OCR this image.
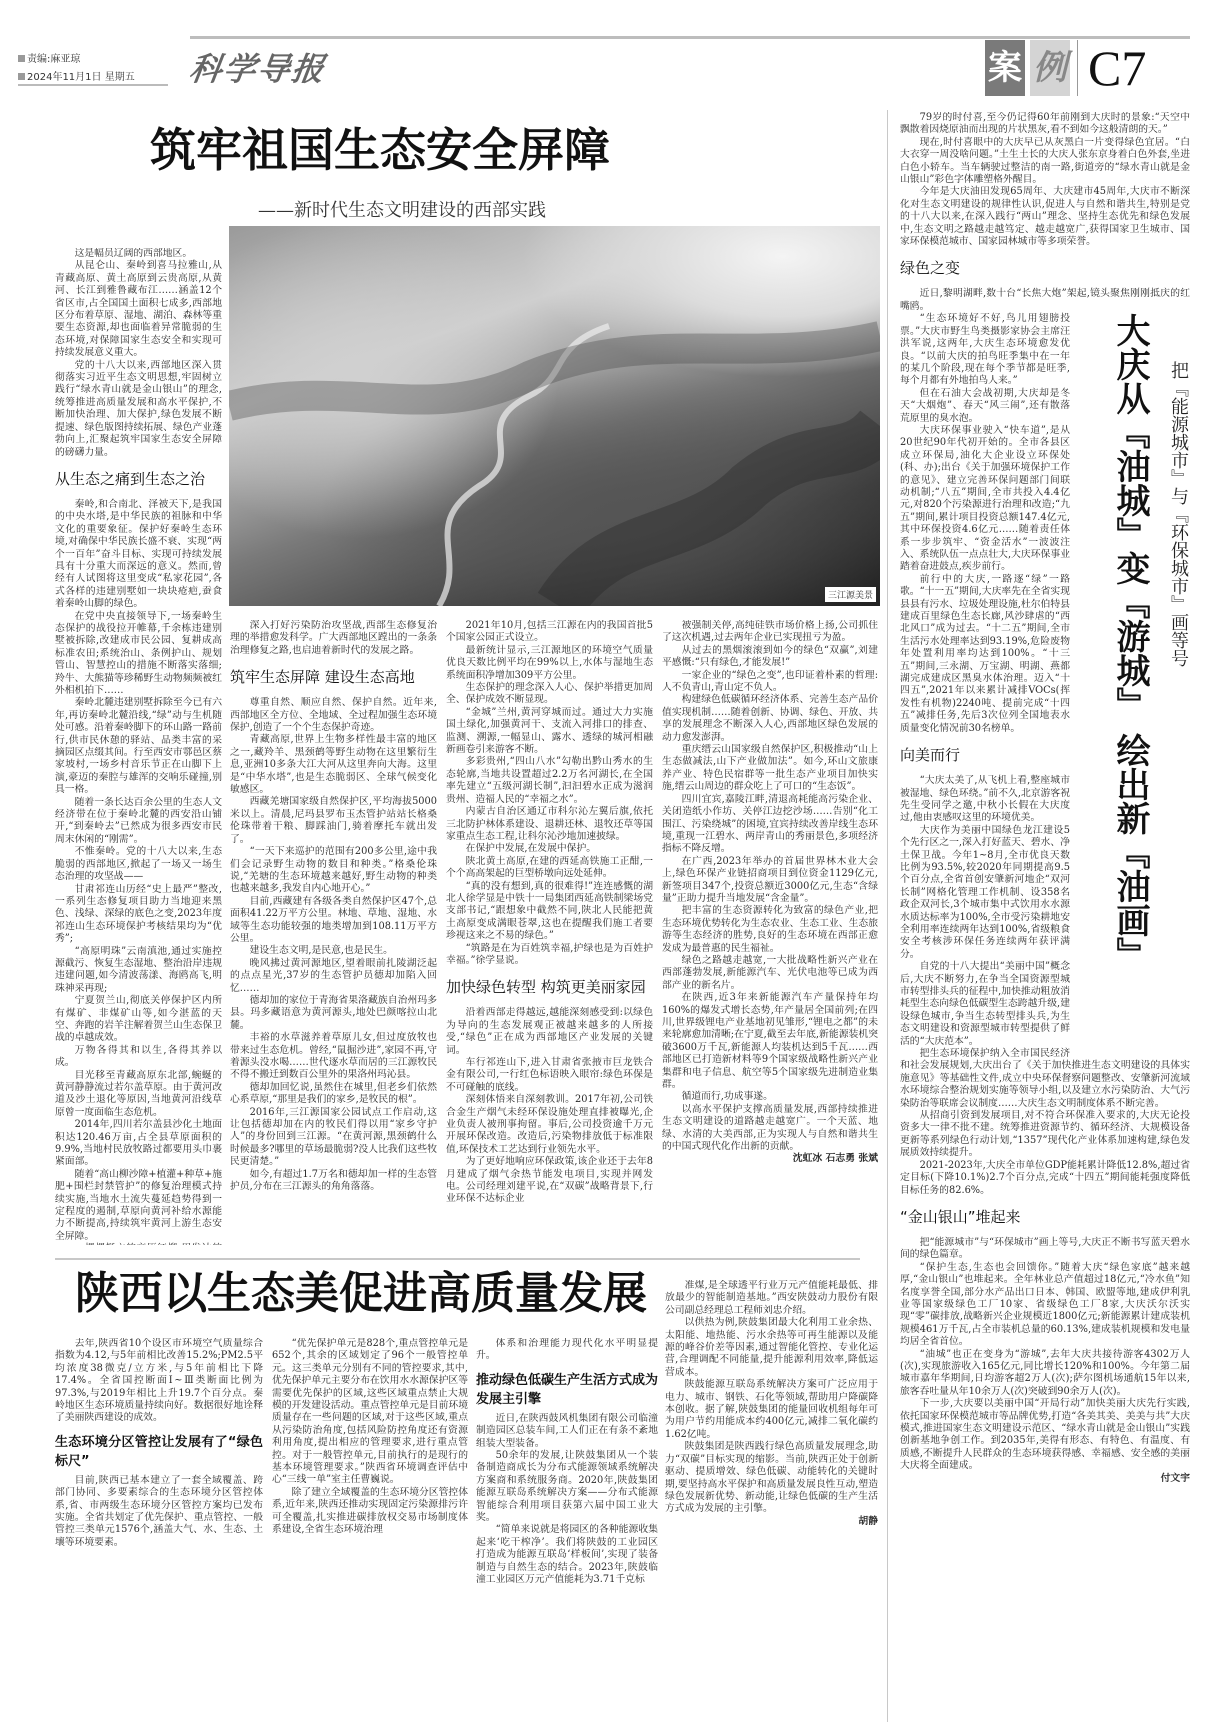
责编:麻亚琼
2024年11月1日 星期五 科学导报	案 例 C7
筑牢祖国生态安全屏障
——新时代生态文明建设的西部实践
三江源美景

这是幅员辽阔的西部地区。

从昆仑山、秦岭到喜马拉雅山,从青藏高原、黄土高原到云贵高原,从黄河、长江到雅鲁藏布江……涵盖12个省区市,占全国国土面积七成多,西部地区分布着草原、湿地、湖泊、森林等重要生态资源,却也面临着异常脆弱的生态环境,对保障国家生态安全和实现可持续发展意义重大。

党的十八大以来,西部地区深入贯彻落实习近平生态文明思想,牢固树立践行“绿水青山就是金山银山”的理念,统筹推进高质量发展和高水平保护,不断加快治理、加大保护,绿色发展不断提速、绿色版图持续拓展、绿色产业蓬勃向上,汇聚起筑牢国家生态安全屏障的磅礴力量。

从生态之痛到生态之治

秦岭,和合南北、泽被天下,是我国的中央水塔,是中华民族的祖脉和中华文化的重要象征。保护好秦岭生态环境,对确保中华民族长盛不衰、实现“两个一百年”奋斗目标、实现可持续发展具有十分重大而深远的意义。然而,曾经有人试图将这里变成“私家花园”,各式各样的违建别墅如一块块疮疤,蚕食着秦岭山脚的绿色。

在党中央直接领导下,一场秦岭生态保护的战役拉开帷幕,千余栋违建别墅被拆除,改建成市民公园、复耕成高标准农田;系统治山、条例护山、规划管山、智慧控山的措施不断落实落细;羚牛、大熊猫等珍稀野生动物频频被红外相机拍下……

秦岭北麓违建别墅拆除至今已有六年,再访秦岭北麓沿线,“绿”动与生机随处可感。沿着秦岭脚下的环山路一路前行,供市民休憩的驿站、品类丰富的采摘园区点缀其间。行至西安市鄠邑区蔡家坡村,一场乡村音乐节正在山脚下上演,豪迈的秦腔与雄浑的交响乐碰撞,别具一格。

随着一条长达百余公里的生态人文经济带在位于秦岭北麓的西安沿山铺开,“到秦岭去”已然成为很多西安市民周末休闲的“刚需”。

不惟秦岭。党的十八大以来,生态脆弱的西部地区,掀起了一场又一场生态治理的攻坚战——

甘肃祁连山历经“史上最严”整改,一系列生态修复项目助力当地迎来黑色、浅绿、深绿的底色之变,2023年度祁连山生态环境保护考核结果均为“优秀”;

“高原明珠”云南滇池,通过实施控源截污、恢复生态湿地、整治沿岸违规违建问题,如今清波荡漾、海鸥高飞,明珠神采再现;

宁夏贺兰山,彻底关停保护区内所有煤矿、非煤矿山等,如今湛蓝的天空、奔跑的岩羊注解着贺兰山生态保卫战的卓越成效。

万物各得其和以生,各得其养以成。

目光移至青藏高原东北部,蜿蜒的黄河静静流过若尔盖草原。由于黄河改道及沙土退化等原因,当地黄河沿线草原曾一度面临生态危机。

2014年,四川若尔盖县沙化土地面积达120.46万亩,占全县草原面积的9.9%,当地村民放牧路过都要用头巾裹紧面部。

随着“高山柳沙障+植灌+种草+施肥+围栏封禁管护”的修复治理模式持续实施,当地水土流失蔓延趋势得到一定程度的遏制,草原向黄河补给水源能力不断提高,持续筑牢黄河上游生态安全屏障。

深入打好污染防治攻坚战,西部生态修复治理的举措愈发科学。广大西部地区蹚出的一条条治理修复之路,也启迪着新时代的发展之路。

筑牢生态屏障 建设生态高地

尊重自然、顺应自然、保护自然。近年来,西部地区全方位、全地域、全过程加强生态环境保护,创造了一个个生态保护奇迹。

青藏高原,世界上生物多样性最丰富的地区之一,藏羚羊、黑颈鹤等野生动物在这里繁衍生息,亚洲10多条大江大河从这里奔向大海。这里是“中华水塔”,也是生态脆弱区、全球气候变化敏感区。

西藏羌塘国家级自然保护区,平均海拔5000米以上。清晨,尼玛县罗布玉杰管护站站长格桑伦珠带着干粮、脚踩油门,骑着摩托车就出发了。

“一天下来巡护的范围有200多公里,途中我们会记录野生动物的数目和种类。”格桑伦珠说,“羌塘的生态环境越来越好,野生动物的种类也越来越多,我发自内心地开心。”

目前,西藏建有各级各类自然保护区47个,总面积41.22万平方公里。林地、草地、湿地、水域等生态功能较强的地类增加到108.11万平方公里。

建设生态文明,是民意,也是民生。

晚风拂过黄河源地区,望着眼前扎陵湖泛起的点点星光,37岁的生态管护员德却加陷入回忆……

德却加的家位于青海省果洛藏族自治州玛多县。玛多藏语意为黄河源头,地处巴颜喀拉山北麓。

丰裕的水草滋养着草原儿女,但过度放牧也带来过生态危机。曾经,“鼠掘沙进”,家园不再,守着源头没水喝……世代逐水草而居的三江源牧民不得不搬迁到数百公里外的果洛州玛沁县。

德却加回忆说,虽然住在城里,但老乡们依然心系草原,“那里是我们的家乡,是牧民的根”。

2016年,三江源国家公园试点工作启动,这让包括德却加在内的牧民们得以用“家乡守护人”的身份回到三江源。“在黄河源,黑颈鹤什么时候最多?哪里的草场最脆弱?没人比我们这些牧民更清楚。”

如今,有超过1.7万名和德却加一样的生态管护员,分布在三江源头的角角落落。

2021年10月,包括三江源在内的我国首批5个国家公园正式设立。

最新统计显示,三江源地区的环境空气质量优良天数比例平均在99%以上,水体与湿地生态系统面积净增加309平方公里。

生态保护的理念深入人心、保护举措更加周全、保护成效不断显现。

“金城”兰州,黄河穿城而过。通过大力实施国土绿化,加强黄河干、支流入河排口的排查、监测、溯源,一幅显山、露水、透绿的城河相融新画卷引来游客不断。

多彩贵州,“四山八水”勾勒出黔山秀水的生态轮廓,当地共设置超过2.2万名河湖长,在全国率先建立“五级河湖长制”,汩汩碧水正成为滋润贵州、造福人民的“幸福之水”。

内蒙古自治区通辽市科尔沁左翼后旗,依托三北防护林体系建设、退耕还林、退牧还草等国家重点生态工程,让科尔沁沙地加速披绿。

在保护中发展,在发展中保护。

陕北黄土高原,在建的西延高铁施工正酣,一个个高高架起的巨型桥墩向远处延伸。

“真的没有想到,真的很难得!”连连感慨的湖北人徐学显是中铁十一局集团西延高铁制梁场党支部书记,“跟想象中截然不同,陕北人民能把黄土高原变成满眼苍翠,这也在提醒我们施工者要珍视这来之不易的绿色。”

“筑路是在为百姓筑幸福,护绿也是为百姓护幸福。”徐学显说。

加快绿色转型 构筑更美丽家园

沿着西部走得越远,越能深刻感受到:以绿色为导向的生态发展观正被越来越多的人所接受,“绿色”正在成为西部地区产业发展的关键词。

车行祁连山下,进入甘肃省张掖市巨龙铁合金有限公司,一行红色标语映入眼帘:绿色环保是不可碰触的底线。

深刻体悟来自深刻教训。2017年初,公司铁合金生产烟气未经环保设施处理直排被曝光,企业负责人被刑事拘留。事后,公司投资逾千万元开展环保改造。改造后,污染物排放低于标准限值,环保技术工艺达到行业领先水平。

为了更好地响应环保政策,该企业还于去年8月建成了烟气余热节能发电项目,实现并网发电。公司经理刘建平说,在“双碳”战略背景下,行业环保不达标企业

被强制关停,高纯硅铁市场价格上扬,公司抓住了这次机遇,过去两年企业已实现扭亏为盈。

从过去的黑烟滚滚到如今的绿色“双赢”,刘建平感慨:“只有绿色,才能发展!”

一家企业的“绿色之变”,也印证着朴素的哲理:人不负青山,青山定不负人。

构建绿色低碳循环经济体系、完善生态产品价值实现机制……随着创新、协调、绿色、开放、共享的发展理念不断深入人心,西部地区绿色发展的动力愈发澎湃。

重庆缙云山国家级自然保护区,积极推动“山上生态做减法,山下产业做加法”。如今,环山文旅康养产业、特色民宿群等一批生态产业项目加快实施,缙云山周边的群众吃上了可口的“生态饭”。

四川宜宾,嘉陵江畔,清退高耗能高污染企业、关闭造纸小作坊、关停江边挖沙场……告别“化工围江、污染绕城”的困境,宜宾持续改善岸线生态环境,重现一江碧水、两岸青山的秀丽景色,多项经济指标不降反增。

在广西,2023年举办的首届世界林木业大会上,绿色环保产业链招商项目到位资金1129亿元,新签项目347个,投资总额近3000亿元,生态“含绿量”正助力提升当地发展“含金量”。

把丰富的生态资源转化为致富的绿色产业,把生态环境优势转化为生态农业、生态工业、生态旅游等生态经济的胜势,良好的生态环境在西部正愈发成为最普惠的民生福祉。

绿色之路越走越宽,一大批战略性新兴产业在西部蓬勃发展,新能源汽车、光伏电池等已成为西部产业的新名片。

在陕西,近3年来新能源汽车产量保持年均160%的爆发式增长态势,年产量居全国前列;在四川,世界级锂电产业基地初见雏形,“锂电之都”的未来轮廓愈加清晰;在宁夏,截至去年底,新能源装机突破3600万千瓦,新能源人均装机达到5千瓦……西部地区已打造新材料等9个国家级战略性新兴产业集群和电子信息、航空等5个国家级先进制造业集群。

循道而行,功成事遂。

以高水平保护支撑高质量发展,西部持续推进生态文明建设的道路越走越宽广。一个天蓝、地绿、水清的大美西部,正为实现人与自然和谐共生的中国式现代化作出新的贡献。

沈虹冰 石志勇 张斌

79岁的时付喜,至今仍记得60年前刚到大庆时的景象:“天空中飘散着因烧原油而出现的片状黑灰,看不到如今这般清朗的天。”

现在,时付喜眼中的大庆早已从灰黑白一片变得绿色宜居。“白大衣穿一周没啥问题。”土生土长的大庆人张东京身着白色外套,坐进白色小轿车。当车辆驶过整洁的南一路,街道旁的“绿水青山就是金山银山”彩色字体雕塑格外醒目。

今年是大庆油田发现65周年、大庆建市45周年,大庆市不断深化对生态文明建设的规律性认识,促进人与自然和谐共生,特别是党的十八大以来,在深入践行“两山”理念、坚持生态优先和绿色发展中,生态文明之路越走越笃定、越走越宽广,获得国家卫生城市、国家环保模范城市、国家园林城市等多项荣誉。

绿色之变

近日,黎明湖畔,数十台“长焦大炮”架起,镜头聚焦刚刚抵庆的红嘴鸥。

大庆从『油城』变『游城』 绘出新『油画』 把『能源城市』与『环保城市』画等号

“生态环境好不好,鸟儿用翅膀投票。”大庆市野生鸟类摄影家协会主席汪洪军说,这两年,大庆生态环境愈发优良。“以前大庆的拍鸟旺季集中在一年的某几个阶段,现在每个季节都是旺季,每个月都有外地拍鸟人来。”

但在石油大会战初期,大庆却是冬天“大烟炮”、春天“风三闹”,还有散落荒原里的臭水泡。

大庆环保事业驶入“快车道”,是从20世纪90年代初开始的。全市各县区成立环保局,油化大企业设立环保处(科、办);出台《关于加强环境保护工作的意见》、建立完善环保问题部门间联动机制;“八五”期间,全市共投入4.4亿元,对820个污染源进行治理和改造;“九五”期间,累计项目投资总额147.4亿元,其中环保投资4.6亿元……随着责任体系一步步筑牢、“资金活水”一波波注入、系统队伍一点点壮大,大庆环保事业踏着奋进鼓点,疾步前行。

前行中的大庆,一路逐“绿”一路歌。“十一五”期间,大庆率先在全省实现县县有污水、垃圾处理设施,杜尔伯特县建成百里绿色生态长廊,风沙肆虐的“西北风口”成为过去。“十二五”期间,全市生活污水处理率达到93.19%,危险废物年处置利用率均达到100%。“十三五”期间,三永湖、万宝湖、明湖、燕都湖完成建成区黑臭水体治理。迈入“十四五”,2021年以来累计减排VOCs(挥发性有机物)2240吨、提前完成“十四五”减排任务,先后3次位列全国地表水质量变化情况前30名榜单。

向美而行

“大庆太美了,从飞机上看,整座城市被湿地、绿色环绕。”前不久,北京游客祝先生受同学之邀,中秋小长假在大庆度过,他由衷感叹这里的环境优美。

大庆作为美丽中国绿色龙江建设5个先行区之一,深入打好蓝天、碧水、净土保卫战。今年1~8月,全市优良天数比例为93.5%,较2020年同期提高9.5个百分点,全省首创安肇新河地企“双河长制”网格化管理工作机制、设358名政企双河长,3个城市集中式饮用水水源水质达标率为100%,全市受污染耕地安全利用率连续两年达到100%,省级粮食安全考核涉环保任务连续两年获评满分。

自党的十八大提出“美丽中国”概念后,大庆不断努力,在争当全国资源型城市转型排头兵的征程中,加快推动粗放消耗型生态向绿色低碳型生态跨越升级,建设绿色城市,争当生态转型排头兵,为生态文明建设和资源型城市转型提供了鲜活的“大庆范本”。

把生态环境保护纳入全市国民经济和社会发展规划,大庆出台了《关于加快推进生态文明建设的具体实施意见》等基础性文件,成立中央环保督察问题整改、安肇新河流域水环境综合整治规划实施等领导小组,以及建立水污染防治、大气污染防治等联席会议制度……大庆生态文明制度体系不断完善。

从招商引资到发展项目,对不符合环保准入要求的,大庆无论投资多大一律不批不建。统筹推进资源节约、循环经济、大规模设备更新等系列绿色行动计划,“1357”现代化产业体系加速构建,绿色发展质效持续提升。

2021-2023年,大庆全市单位GDP能耗累计降低12.8%,超过省定目标(下降10.1%)2.7个百分点,完成“十四五”期间能耗强度降低目标任务的82.6%。

“金山银山”堆起来

把“能源城市”与“环保城市”画上等号,大庆正不断书写蓝天碧水间的绿色篇章。

“保护生态,生态也会回馈你。”随着大庆“绿色家底”越来越厚,“金山银山”也堆起来。全年林业总产值超过18亿元,“冷水鱼”知名度享誉全国,部分水产品出口日本、韩国、欧盟等地,建成伊利乳业等国家级绿色工厂10家、省级绿色工厂8家,大庆沃尔沃实现“零”碳排放,战略新兴企业规模近1800亿元;新能源累计建成装机规模461万千瓦,占全市装机总量的60.13%,建成装机规模和发电量均居全省首位。

“油城”也正在变身为“游城”,去年大庆共接待游客4302万人(次),实现旅游收入165亿元,同比增长120%和100%。今年第二届城市嘉年华期间,日均游客超2万人(次);萨尔图机场通航15年以来,旅客吞吐量从年10余万人(次)突破到90余万人(次)。

下一步,大庆要以美丽中国“开局行动”加快美丽大庆先行实践,依托国家环保模范城市等品牌优势,打造“各美其美、美美与共”大庆模式,推进国家生态文明建设示范区、“绿水青山就是金山银山”实践创新基地争创工作。到2035年,美得有形态、有特色、有温度、有质感,不断提升人民群众的生态环境获得感、幸福感、安全感的美丽大庆将全面建成。

付文宇

陕西以生态美促进高质量发展

去年,陕西省10个设区市环境空气质量综合指数为4.12,与5年前相比改善15.2%;PM2.5平均浓度38微克/立方米,与5年前相比下降17.4%。全省国控断面Ⅰ~Ⅲ类断面比例为97.3%,与2019年相比上升19.7个百分点。秦岭地区生态环境质量持续向好。数据很好地诠释了美丽陕西建设的成效。

生态环境分区管控让发展有了“绿色标尺”

目前,陕西已基本建立了一套全域覆盖、跨部门协同、多要素综合的生态环境分区管控体系,省、市两级生态环境分区管控方案均已发布实施。全省共划定了优先保护、重点管控、一般管控三类单元1576个,涵盖大气、水、生态、土壤等环境要素。

“优先保护单元是828个,重点管控单元是652个,其余的区域划定了96个一般管控单元。这三类单元分别有不同的管控要求,其中,优先保护单元主要分布在饮用水水源保护区等需要优先保护的区域,这些区域重点禁止大规模的开发建设活动。重点管控单元是目前环境质量存在一些问题的区域,对于这些区域,重点从污染防治角度,包括风险防控角度还有资源利用角度,提出相应的管理要求,进行重点管控。对于一般管控单元,目前执行的是现行的基本环境管理要求。”陕西省环境调查评估中心“三线一单”室主任曹巍说。

除了建立全域覆盖的生态环境分区管控体系,近年来,陕西还推动实现固定污染源排污许可全覆盖,扎实推进碳排放权交易市场制度体系建设,全省生态环境治理

体系和治理能力现代化水平明显提升。

推动绿色低碳生产生活方式成为发展主引擎

近日,在陕西鼓风机集团有限公司临潼制造园区总装车间,工人们正在有条不紊地组装大型装备。

50余年的发展,让陕鼓集团从一个装备制造商成长为分布式能源领域系统解决方案商和系统服务商。2020年,陕鼓集团能源互联岛系统解决方案——分布式能源智能综合利用项目获第六届中国工业大奖。

“简单来说就是将园区的各种能源收集起来‘吃干榨净’。我们将陕鼓的工业园区打造成为能源互联岛‘样板间’,实现了装备制造与自然生态的结合。2023年,陕鼓临潼工业园区万元产值能耗为3.71千克标

准煤,是全球透平行业万元产值能耗最低、排放最少的智能制造基地。”西安陕鼓动力股份有限公司副总经理总工程师刘忠介绍。

以供热为例,陕鼓集团最大化利用工业余热、太阳能、地热能、污水余热等可再生能源以及能源的峰谷价差等因素,通过智能化管控、专业化运营,合理调配不同能量,提升能源利用效率,降低运营成本。

陕鼓能源互联岛系统解决方案可广泛应用于电力、城市、钢铁、石化等领域,帮助用户降碳降本创收。据了解,陕鼓集团的能量回收机组每年可为用户节约用能成本约400亿元,减排二氧化碳约1.62亿吨。

陕鼓集团是陕西践行绿色高质量发展理念,助力“双碳”目标实现的缩影。当前,陕西正处于创新驱动、提质增效、绿色低碳、动能转化的关键时期,要坚持高水平保护和高质量发展良性互动,塑造绿色发展新优势、新动能,让绿色低碳的生产生活方式成为发展的主引擎。

胡静
